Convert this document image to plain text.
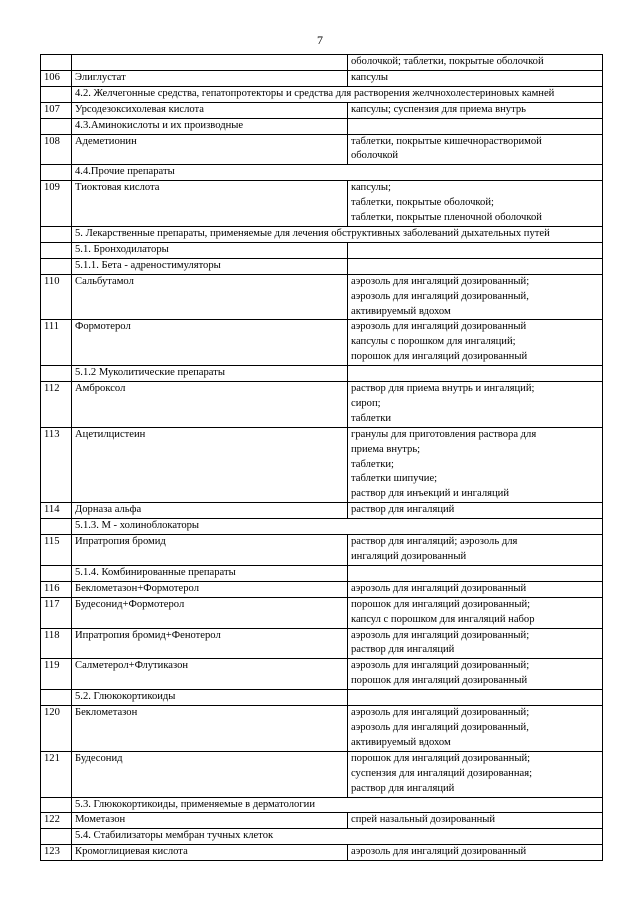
7

		оболочкой; таблетки, покрытые оболочкой

106	Элиглустат	капсулы

	4.2. Желчегонные средства, гепатопротекторы и средства для растворения желчнохолестериновых камней	
107	Урсодезоксихолевая кислота	капсулы; суспензия для приема внутрь

	4.3.Аминокислоты и их производные	
108	Адеметионин	таблетки, покрытые кишечнорастворимой
оболочкой

	4.4.Прочие препараты	
109	Тиоктовая кислота	капсулы;
таблетки, покрытые оболочкой;
таблетки, покрытые пленочной оболочкой

	5. Лекарственные препараты, применяемые для лечения обструктивных заболеваний дыхательных путей	
	5.1. Бронходилаторы	
	5.1.1. Бета - адреностимуляторы	
110	Сальбутамол	аэрозоль для ингаляций дозированный;
аэрозоль для ингаляций дозированный,
активируемый вдохом

111	Формотерол	аэрозоль для ингаляций дозированный
капсулы с порошком для ингаляций;
порошок для ингаляций дозированный

	5.1.2 Муколитические препараты	
112	Амброксол	раствор для приема внутрь и ингаляций;
сироп;
таблетки

113	Ацетилцистеин	гранулы для приготовления раствора для
приема внутрь;
таблетки;
таблетки шипучие;
раствор для инъекций и ингаляций

114	Дорназа альфа	раствор для ингаляций

	5.1.3. М - холиноблокаторы	
115	Ипратропия бромид	раствор для ингаляций; аэрозоль для
ингаляций дозированный

	5.1.4. Комбинированные препараты	
116	Беклометазон+Формотерол	аэрозоль для ингаляций дозированный

117	Будесонид+Формотерол	порошок для ингаляций дозированный;
капсул с порошком для ингаляций набор

118	Ипратропия бромид+Фенотерол	аэрозоль для ингаляций дозированный;
раствор для ингаляций

119	Салметерол+Флутиказон	аэрозоль для ингаляций дозированный;
порошок для ингаляций дозированный

	5.2. Глюкокортикоиды	
120	Беклометазон	аэрозоль для ингаляций дозированный;
аэрозоль для ингаляций дозированный,
активируемый вдохом

121	Будесонид	порошок для ингаляций дозированный;
суспензия для ингаляций дозированная;
раствор для ингаляций

	5.3. Глюкокортикоиды, применяемые в дерматологии	
122	Мометазон	спрей назальный дозированный

	5.4. Стабилизаторы мембран тучных клеток	
123	Кромоглициевая кислота	аэрозоль для ингаляций дозированный
